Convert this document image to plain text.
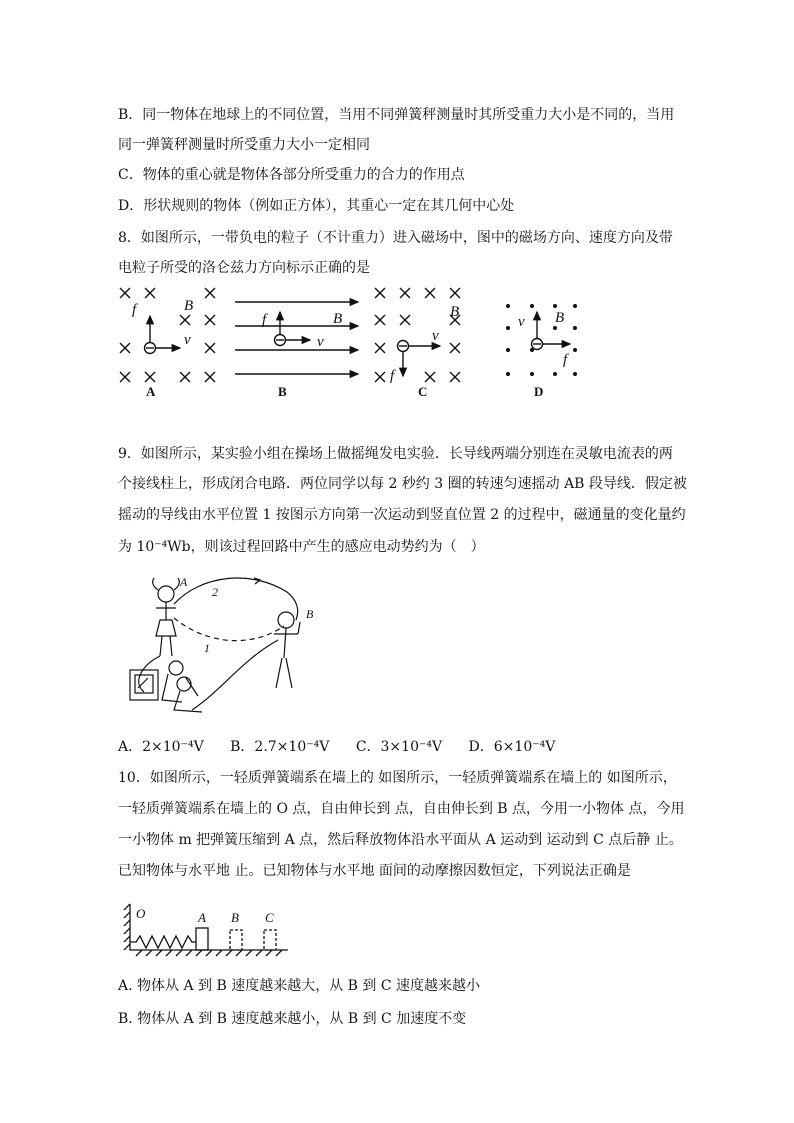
B．同一物体在地球上的不同位置，当用不同弹簧秤测量时其所受重力大小是不同的，当用
同一弹簧秤测量时所受重力大小一定相同
C．物体的重心就是物体各部分所受重力的合力的作用点
D．形状规则的物体（例如正方体），其重心一定在其几何中心处
8．如图所示，一带负电的粒子（不计重力）进入磁场中，图中的磁场方向、速度方向及带
电粒子所受的洛仑兹力方向标示正确的是
f	B
v
f	B
v
B
v
f
v B
f
A	B	C	D
9．如图所示，某实验小组在操场上做摇绳发电实验．长导线两端分别连在灵敏电流表的两
个接线柱上，形成闭合电路．两位同学以每 2 秒约 3 圈的转速匀速摇动 AB 段导线．假定被
摇动的导线由水平位置 1 按图示方向第一次运动到竖直位置 2 的过程中，磁通量的变化量约
为 10⁻⁴Wb，则该过程回路中产生的感应电动势约为（　）
A
B
2
1
A．2×10⁻⁴V B．2.7×10⁻⁴V C．3×10⁻⁴V D．6×10⁻⁴V
10．如图所示，一轻质弹簧端系在墙上的 如图所示，一轻质弹簧端系在墙上的 如图所示，
一轻质弹簧端系在墙上的 O 点，自由伸长到 点，自由伸长到 B 点，今用一小物体 点，今用
一小物体 m 把弹簧压缩到 A 点，然后释放物体沿水平面从 A 运动到 运动到 C 点后静 止。
已知物体与水平地 止。已知物体与水平地 面间的动摩擦因数恒定，下列说法正确是
O	A B C
A. 物体从 A 到 B 速度越来越大，从 B 到 C 速度越来越小
B. 物体从 A 到 B 速度越来越小，从 B 到 C 加速度不变
